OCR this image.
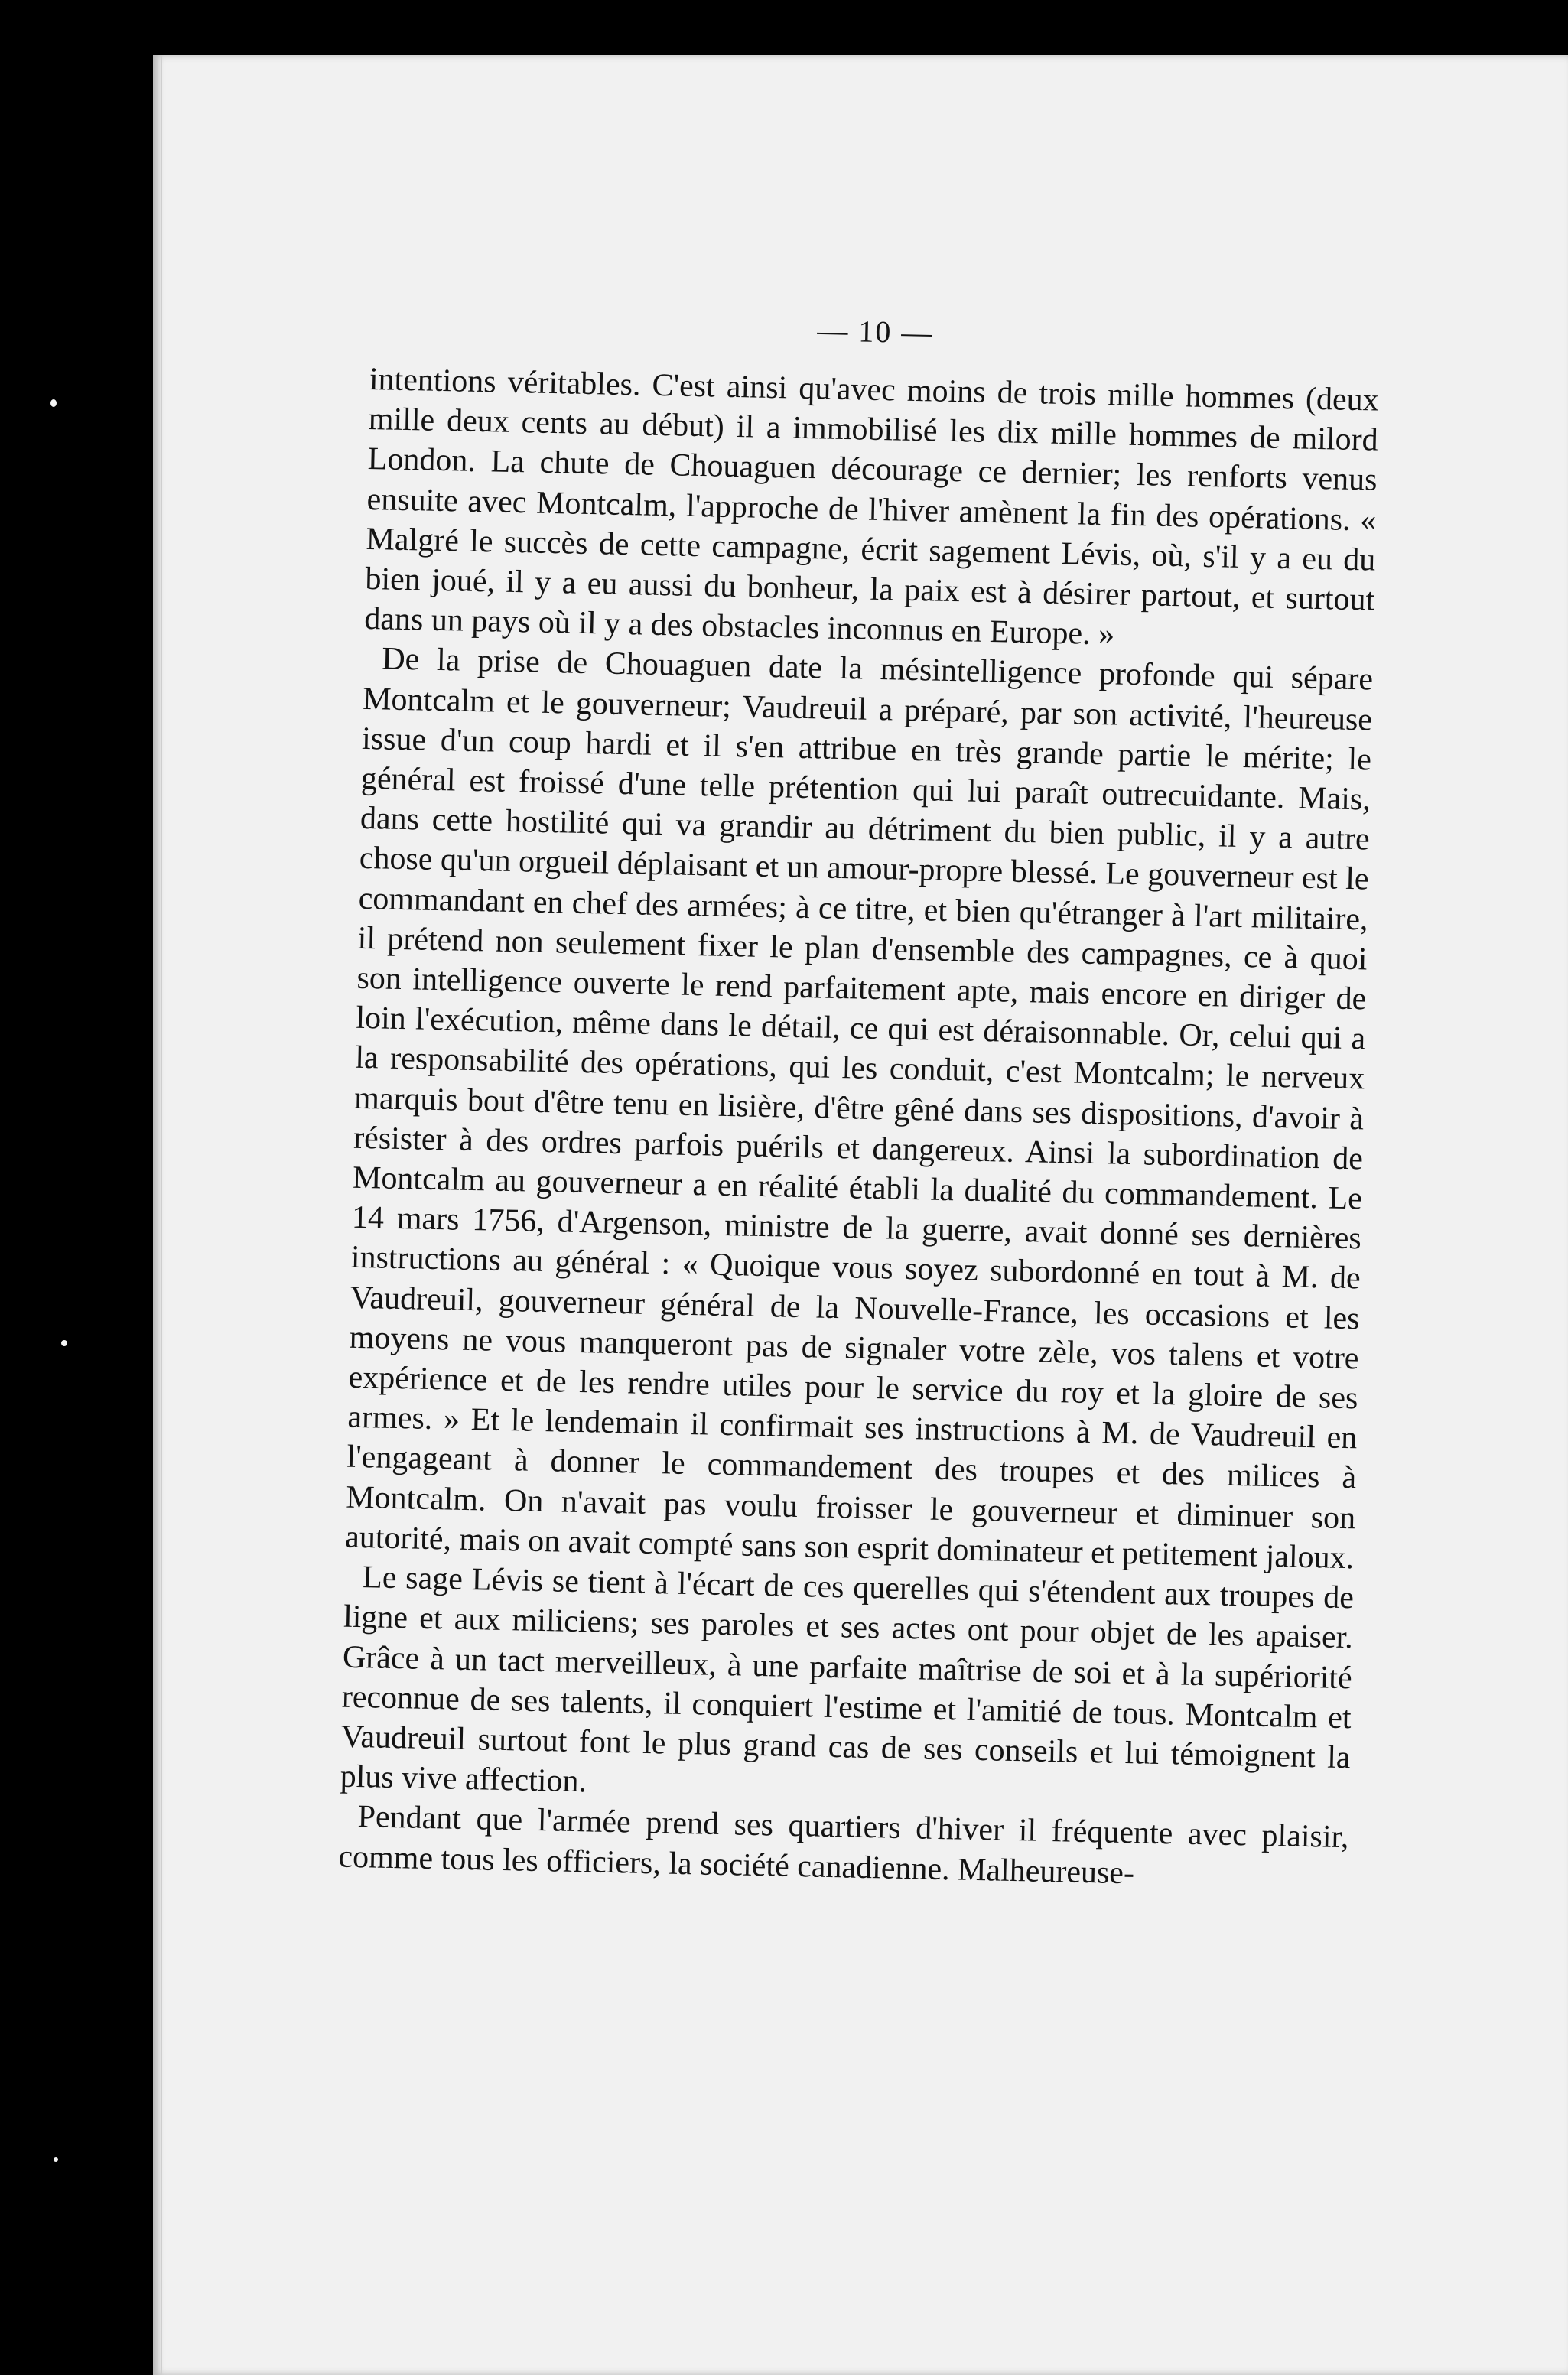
— 10 —

intentions véritables. C'est ainsi qu'avec moins de trois mille hommes (deux mille deux cents au début) il a immobilisé les dix mille hommes de milord London. La chute de Chouaguen décourage ce dernier; les renforts venus ensuite avec Montcalm, l'approche de l'hiver amènent la fin des opérations. « Malgré le succès de cette campagne, écrit sagement Lévis, où, s'il y a eu du bien joué, il y a eu aussi du bonheur, la paix est à désirer partout, et surtout dans un pays où il y a des obstacles inconnus en Europe. »

De la prise de Chouaguen date la mésintelligence profonde qui sépare Montcalm et le gouverneur; Vaudreuil a préparé, par son activité, l'heureuse issue d'un coup hardi et il s'en attribue en très grande partie le mérite; le général est froissé d'une telle prétention qui lui paraît outrecuidante. Mais, dans cette hostilité qui va grandir au détriment du bien public, il y a autre chose qu'un orgueil déplaisant et un amour-propre blessé. Le gouverneur est le commandant en chef des armées; à ce titre, et bien qu'étranger à l'art militaire, il prétend non seulement fixer le plan d'ensemble des campagnes, ce à quoi son intelligence ouverte le rend parfaitement apte, mais encore en diriger de loin l'exécution, même dans le détail, ce qui est déraisonnable. Or, celui qui a la responsabilité des opérations, qui les conduit, c'est Montcalm; le nerveux marquis bout d'être tenu en lisière, d'être gêné dans ses dispositions, d'avoir à résister à des ordres parfois puérils et dangereux. Ainsi la subordination de Montcalm au gouverneur a en réalité établi la dualité du commandement. Le 14 mars 1756, d'Argenson, ministre de la guerre, avait donné ses dernières instructions au général : « Quoique vous soyez subordonné en tout à M. de Vaudreuil, gouverneur général de la Nouvelle-France, les occasions et les moyens ne vous manqueront pas de signaler votre zèle, vos talens et votre expérience et de les rendre utiles pour le service du roy et la gloire de ses armes. » Et le lendemain il confirmait ses instructions à M. de Vaudreuil en l'engageant à donner le commandement des troupes et des milices à Montcalm. On n'avait pas voulu froisser le gouverneur et diminuer son autorité, mais on avait compté sans son esprit dominateur et petitement jaloux.

Le sage Lévis se tient à l'écart de ces querelles qui s'étendent aux troupes de ligne et aux miliciens; ses paroles et ses actes ont pour objet de les apaiser. Grâce à un tact merveilleux, à une parfaite maîtrise de soi et à la supériorité reconnue de ses talents, il conquiert l'estime et l'amitié de tous. Montcalm et Vaudreuil surtout font le plus grand cas de ses conseils et lui témoignent la plus vive affection.

Pendant que l'armée prend ses quartiers d'hiver il fréquente avec plaisir, comme tous les officiers, la société canadienne. Malheureuse-
